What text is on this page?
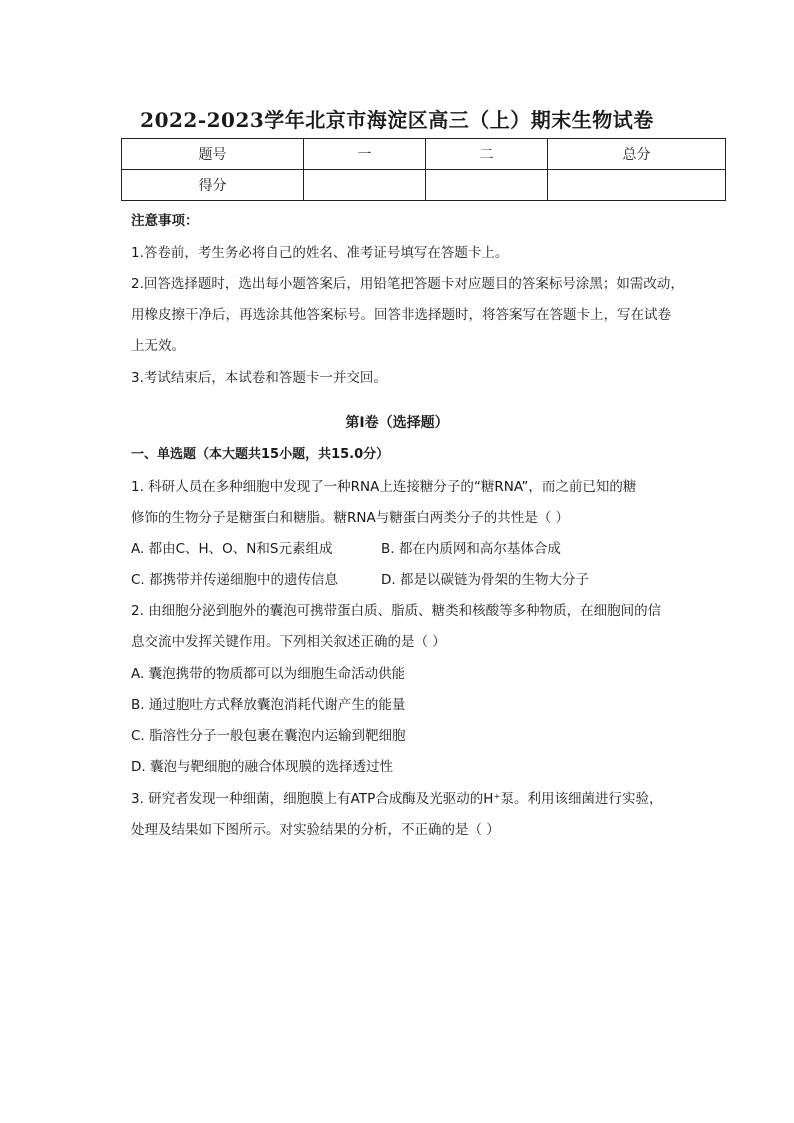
2022-2023学年北京市海淀区高三（上）期末生物试卷
题号	一	二	总分
得分			
注意事项：
1.答卷前，考生务必将自己的姓名、准考证号填写在答题卡上。
2.回答选择题时，选出每小题答案后，用铅笔把答题卡对应题目的答案标号涂黑；如需改动，
用橡皮擦干净后，再选涂其他答案标号。回答非选择题时，将答案写在答题卡上，写在试卷
上无效。
3.考试结束后，本试卷和答题卡一并交回。
第Ⅰ卷（选择题）
一、单选题（本大题共15小题，共15.0分）
1. 科研人员在多种细胞中发现了一种RNA上连接糖分子的“糖RNA”，而之前已知的糖
修饰的生物分子是糖蛋白和糖脂。糖RNA与糖蛋白两类分子的共性是（ ）
A. 都由C、H、O、N和S元素组成	B. 都在内质网和高尔基体合成
C. 都携带并传递细胞中的遗传信息	D. 都是以碳链为骨架的生物大分子
2. 由细胞分泌到胞外的囊泡可携带蛋白质、脂质、糖类和核酸等多种物质，在细胞间的信
息交流中发挥关键作用。下列相关叙述正确的是（ ）
A. 囊泡携带的物质都可以为细胞生命活动供能
B. 通过胞吐方式释放囊泡消耗代谢产生的能量
C. 脂溶性分子一般包裹在囊泡内运输到靶细胞
D. 囊泡与靶细胞的融合体现膜的选择透过性
3. 研究者发现一种细菌，细胞膜上有ATP合成酶及光驱动的H⁺泵。利用该细菌进行实验，
处理及结果如下图所示。对实验结果的分析，不正确的是（ ）
